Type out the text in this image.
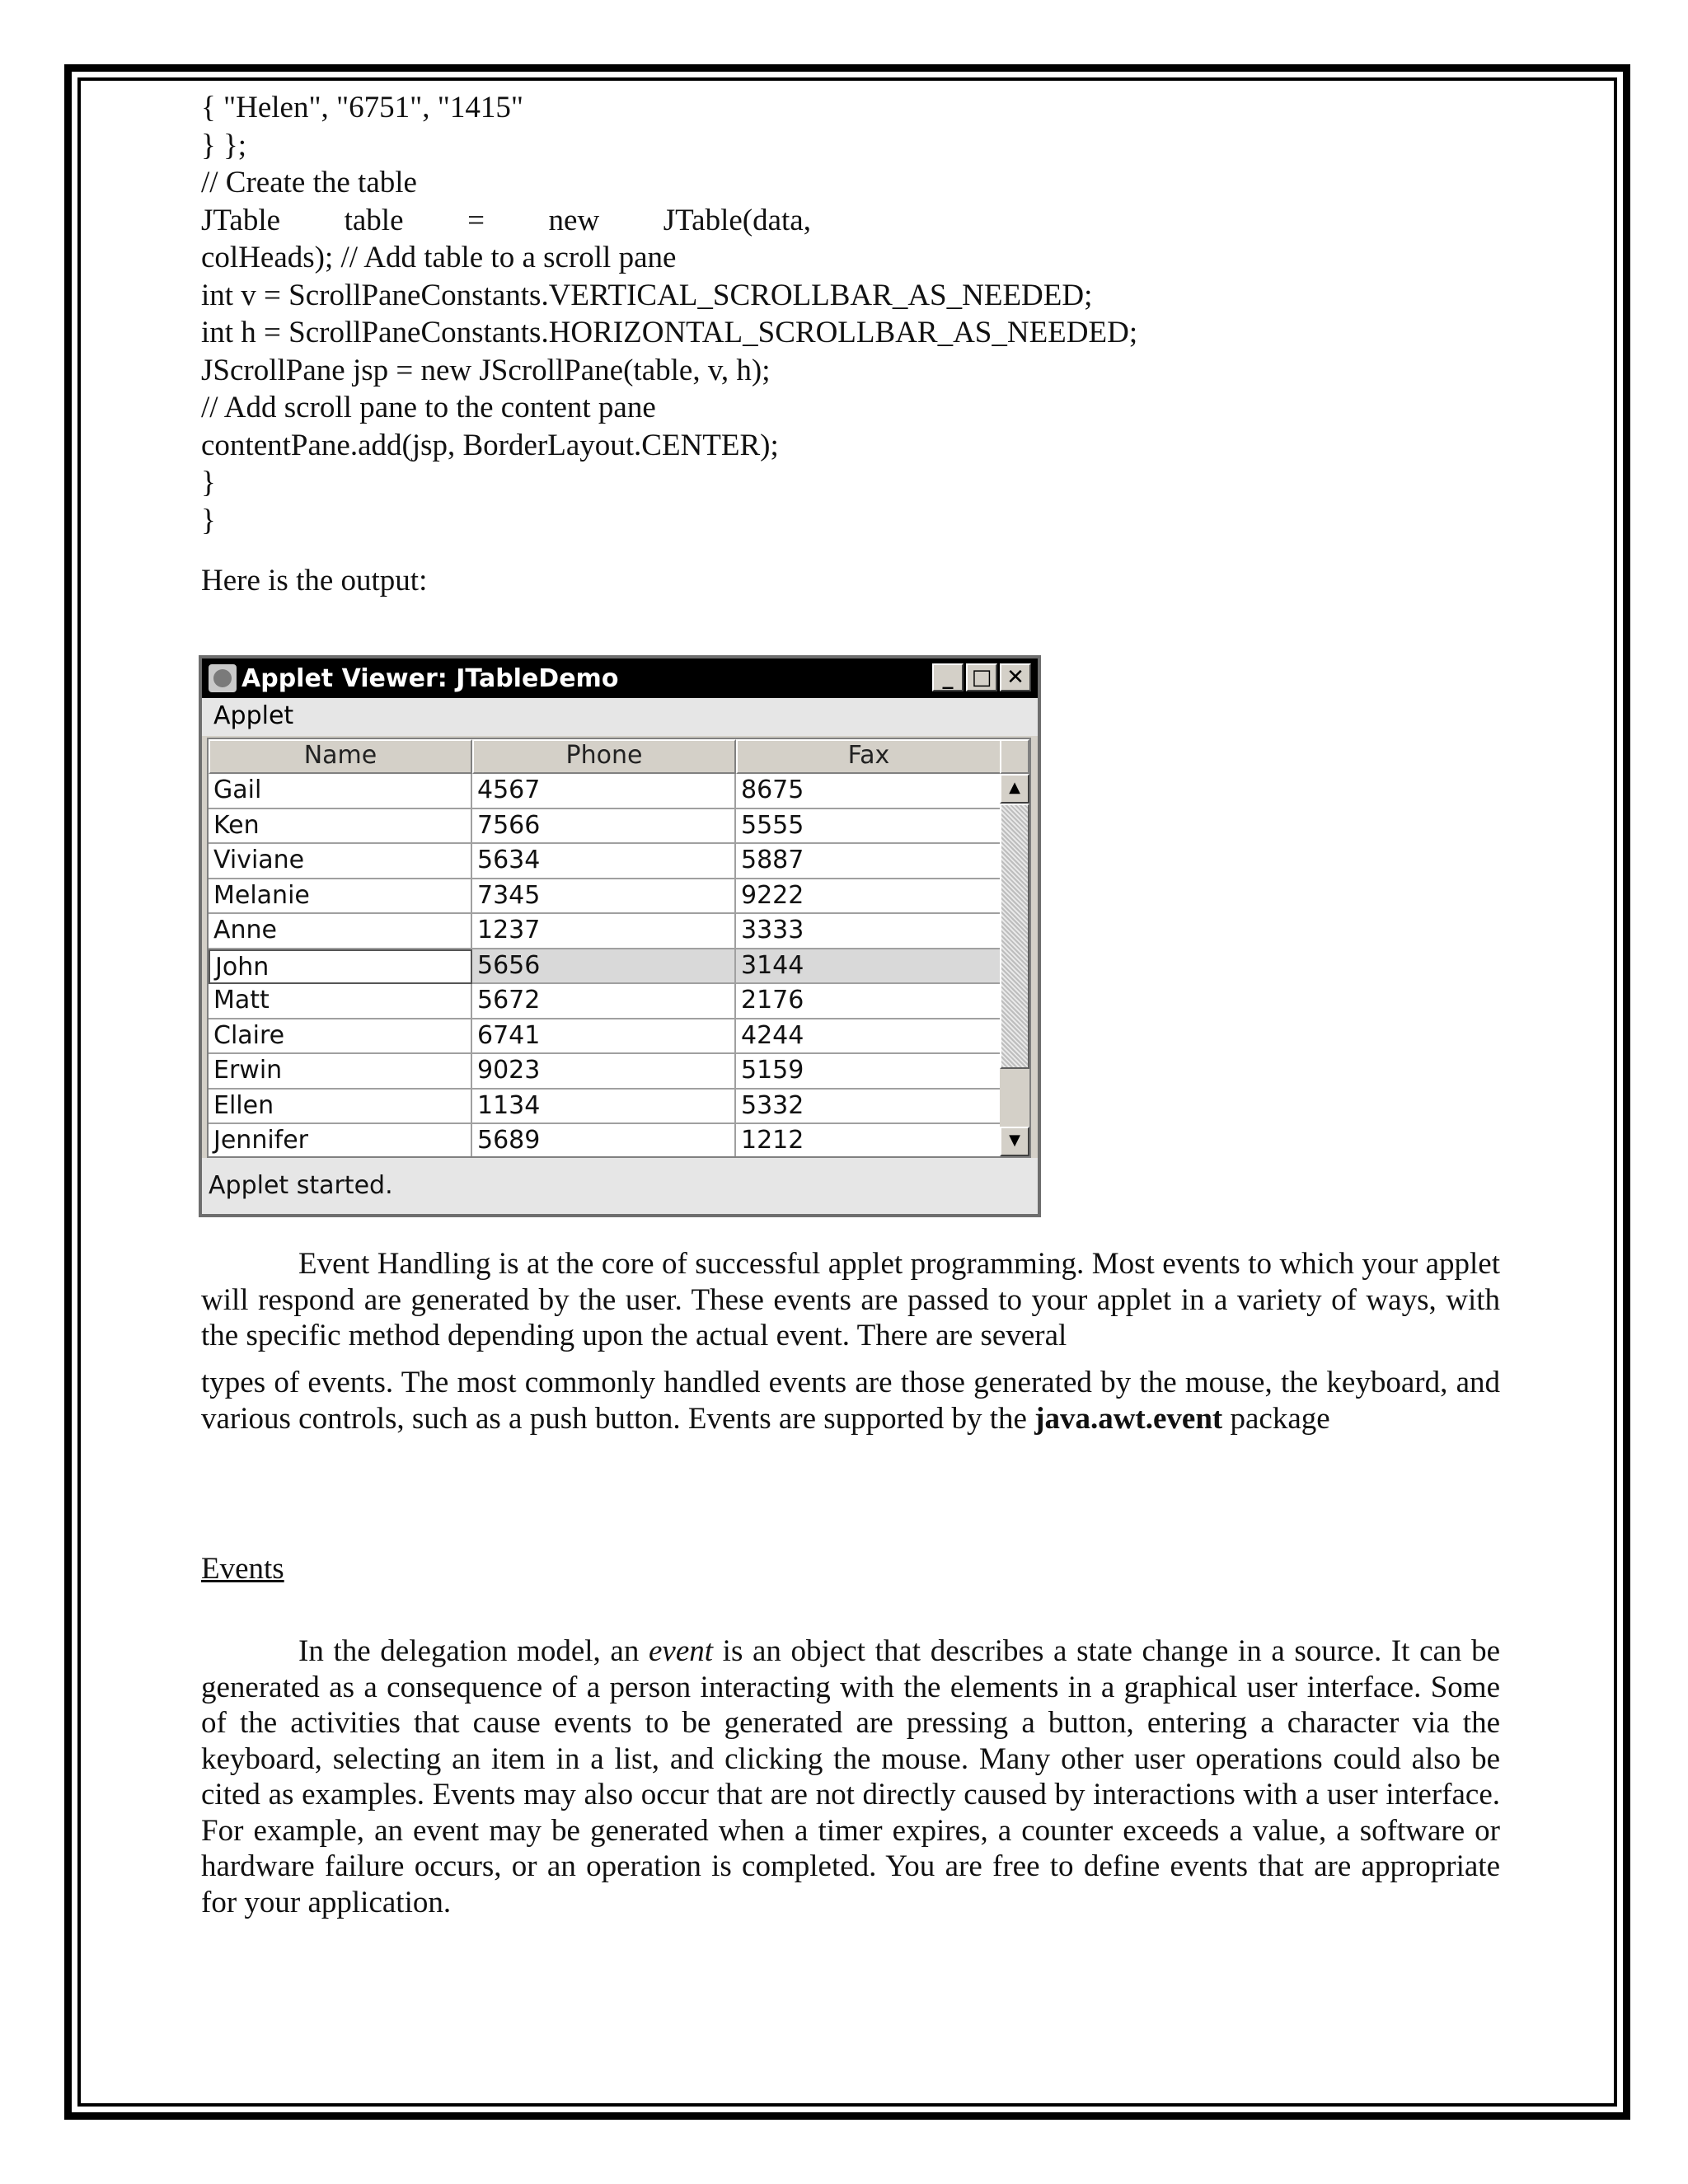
{ "Helen", "6751", "1415"
} };
// Create the table
JTable table = new JTable(data,
colHeads); // Add table to a scroll pane
int v = ScrollPaneConstants.VERTICAL_SCROLLBAR_AS_NEEDED;
int h = ScrollPaneConstants.HORIZONTAL_SCROLLBAR_AS_NEEDED;
JScrollPane jsp = new JScrollPane(table, v, h);
// Add scroll pane to the content pane
contentPane.add(jsp, BorderLayout.CENTER);
}
}
Here is the output:
Applet Viewer: JTableDemo	_ □ ✕
Applet
Name	Phone	Fax
Gail	4567	8675
Ken	7566	5555
Viviane	5634	5887
Melanie	7345	9222
Anne	1237	3333
John	5656	3144
Matt	5672	2176
Claire	6741	4244
Erwin	9023	5159
Ellen	1134	5332
Jennifer	5689	1212
▲
▼
Applet started.
Event Handling is at the core of successful applet programming. Most events to which your applet will respond are generated by the user. These events are passed to your applet in a variety of ways, with the specific method depending upon the actual event. There are several
types of events. The most commonly handled events are those generated by the mouse, the keyboard, and various controls, such as a push button. Events are supported by the java.awt.event package
Events
In the delegation model, an event is an object that describes a state change in a source. It can be generated as a consequence of a person interacting with the elements in a graphical user interface. Some of the activities that cause events to be generated are pressing a button, entering a character via the keyboard, selecting an item in a list, and clicking the mouse. Many other user operations could also be cited as examples. Events may also occur that are not directly caused by interactions with a user interface. For example, an event may be generated when a timer expires, a counter exceeds a value, a software or hardware failure occurs, or an operation is completed. You are free to define events that are appropriate for your application.
